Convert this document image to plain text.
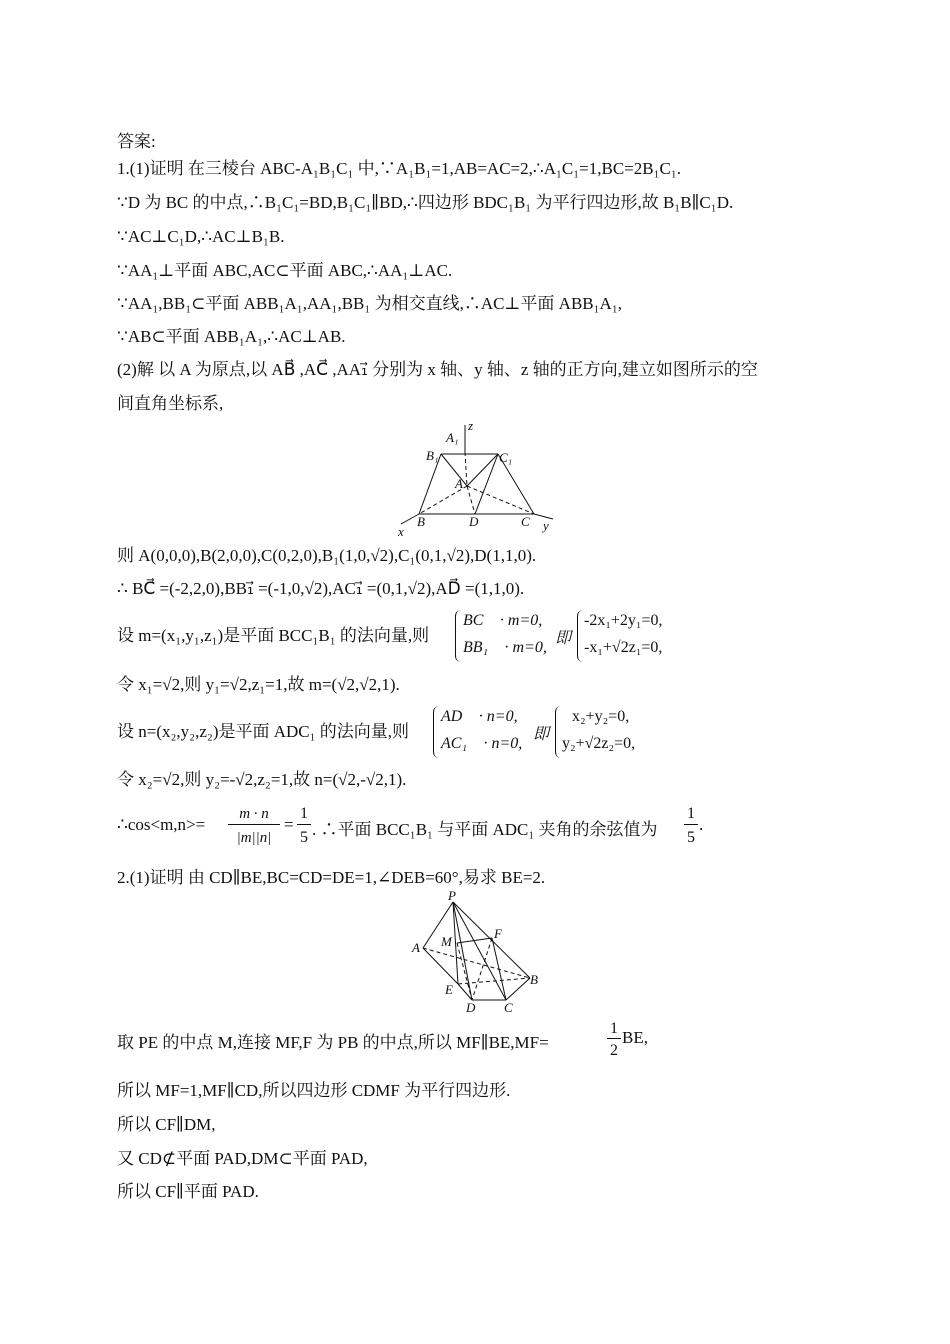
答案:
1.(1)证明 在三棱台 ABC-A₁B₁C₁ 中,∵A₁B₁=1,AB=AC=2,∴A₁C₁=1,BC=2B₁C₁.
∵D 为 BC 的中点,∴B₁C₁=BD,B₁C₁∥BD,∴四边形 BDC₁B₁ 为平行四边形,故 B₁B∥C₁D.
∵AC⊥C₁D,∴AC⊥B₁B.
∵AA₁⊥平面 ABC,AC⊂平面 ABC,∴AA₁⊥AC.
∵AA₁,BB₁⊂平面 ABB₁A₁,AA₁,BB₁ 为相交直线,∴AC⊥平面 ABB₁A₁,
∵AB⊂平面 ABB₁A₁,∴AC⊥AB.
(2)解 以 A 为原点,以 AB⃗ ,AC⃗ ,AA₁⃗ 分别为 x 轴、y 轴、z 轴的正方向,建立如图所示的空
间直角坐标系,
A₁
z
B₁	C₁
A
B	D	C y
x
则 A(0,0,0),B(2,0,0),C(0,2,0),B₁(1,0,√2),C₁(0,1,√2),D(1,1,0).
∴ BC⃗ =(-2,2,0),BB₁⃗ =(-1,0,√2),AC₁⃗ =(0,1,√2),AD⃗ =(1,1,0).
设 m=(x₁,y₁,z₁)是平面 BCC₁B₁ 的法向量,则
BC⃗ · m=0,
BB₁⃗ · m=0,
即
-2x₁+2y₁=0,
-x₁+√2z₁=0,
令 x₁=√2,则 y₁=√2,z₁=1,故 m=(√2,√2,1).
设 n=(x₂,y₂,z₂)是平面 ADC₁ 的法向量,则
AD⃗ · n=0,
AC₁⃗ · n=0,
即
x₂+y₂=0,
y₂+√2z₂=0,
令 x₂=√2,则 y₂=-√2,z₂=1,故 n=(√2,-√2,1).
∴cos<m,n>=
m · n
|m||n|
=
1
5 . ∴平面 BCC₁B₁ 与平面 ADC₁ 夹角的余弦值为
1
5
.
2.(1)证明 由 CD∥BE,BC=CD=DE=1,∠DEB=60°,易求 BE=2.
P
A M
F
B
E
D C
取 PE 的中点 M,连接 MF,F 为 PB 的中点,所以 MF∥BE,MF=
1
2
BE,
所以 MF=1,MF∥CD,所以四边形 CDMF 为平行四边形.
所以 CF∥DM,
又 CD⊄平面 PAD,DM⊂平面 PAD,
所以 CF∥平面 PAD.
